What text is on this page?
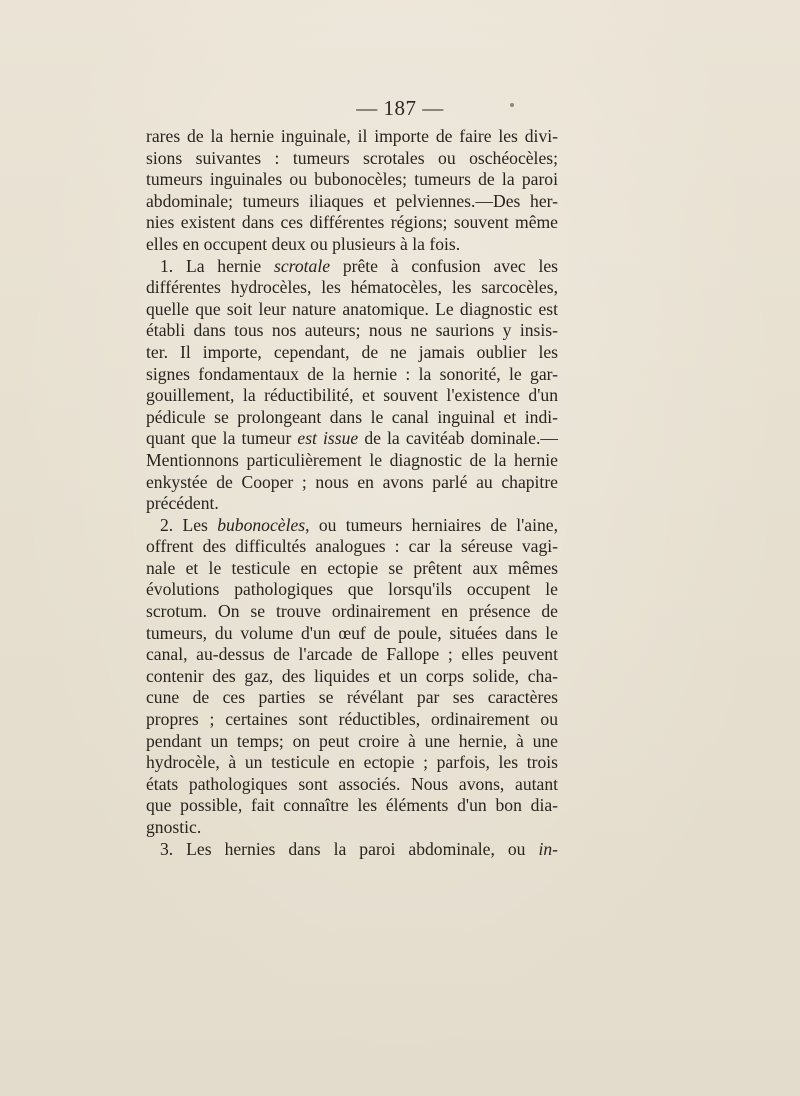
— 187 —
rares de la hernie inguinale, il importe de faire les divi-
sions suivantes : tumeurs scrotales ou oschéocèles;
tumeurs inguinales ou bubonocèles; tumeurs de la paroi
abdominale; tumeurs iliaques et pelviennes.—Des her-
nies existent dans ces différentes régions; souvent même
elles en occupent deux ou plusieurs à la fois.
1. La hernie scrotale prête à confusion avec les
différentes hydrocèles, les hématocèles, les sarcocèles,
quelle que soit leur nature anatomique. Le diagnostic est
établi dans tous nos auteurs; nous ne saurions y insis-
ter. Il importe, cependant, de ne jamais oublier les
signes fondamentaux de la hernie : la sonorité, le gar-
gouillement, la réductibilité, et souvent l'existence d'un
pédicule se prolongeant dans le canal inguinal et indi-
quant que la tumeur est issue de la cavitéab dominale.—
Mentionnons particulièrement le diagnostic de la hernie
enkystée de Cooper ; nous en avons parlé au chapitre
précédent.
2. Les bubonocèles, ou tumeurs herniaires de l'aine,
offrent des difficultés analogues : car la séreuse vagi-
nale et le testicule en ectopie se prêtent aux mêmes
évolutions pathologiques que lorsqu'ils occupent le
scrotum. On se trouve ordinairement en présence de
tumeurs, du volume d'un œuf de poule, situées dans le
canal, au-dessus de l'arcade de Fallope ; elles peuvent
contenir des gaz, des liquides et un corps solide, cha-
cune de ces parties se révélant par ses caractères
propres ; certaines sont réductibles, ordinairement ou
pendant un temps; on peut croire à une hernie, à une
hydrocèle, à un testicule en ectopie ; parfois, les trois
états pathologiques sont associés. Nous avons, autant
que possible, fait connaître les éléments d'un bon dia-
gnostic.
3. Les hernies dans la paroi abdominale, ou in-
